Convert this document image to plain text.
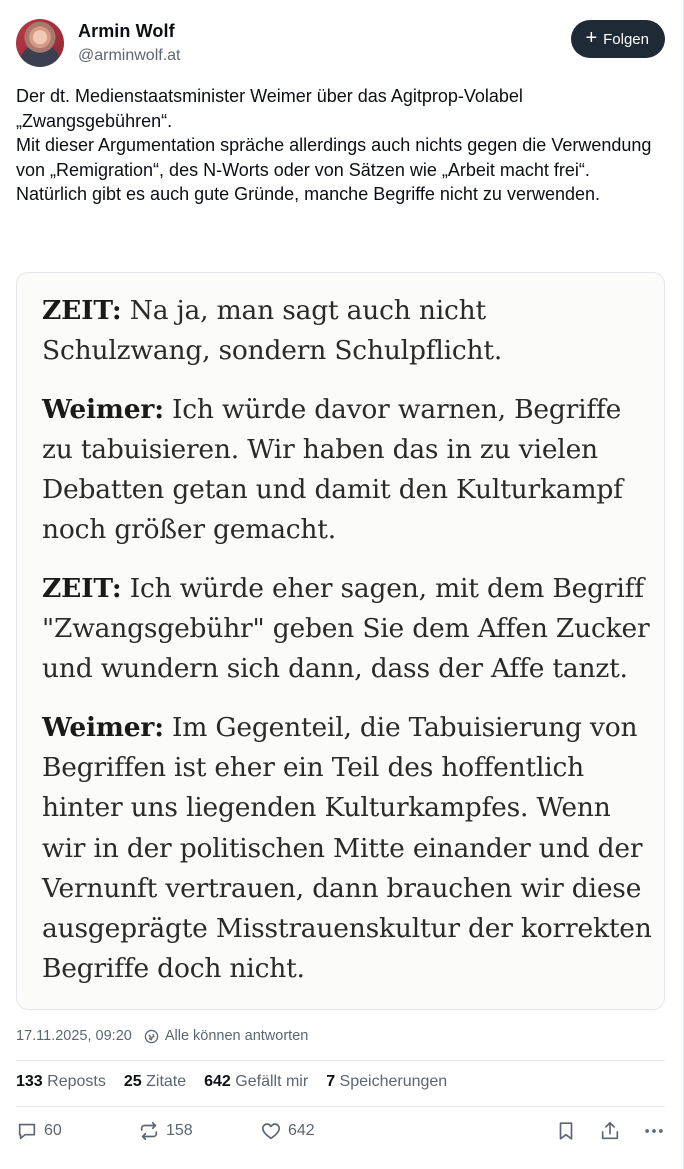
Armin Wolf
@arminwolf.at
+ Folgen

Der dt. Medienstaatsminister Weimer über das Agitprop-Volabel „Zwangsgebühren“.

Mit dieser Argumentation spräche allerdings auch nichts gegen die Verwendung von „Remigration“, des N-Worts oder von Sätzen wie „Arbeit macht frei“.

Natürlich gibt es auch gute Gründe, manche Begriffe nicht zu verwenden.

ZEIT: Na ja, man sagt auch nicht Schulzwang, sondern Schulpflicht.
Weimer: Ich würde davor warnen, Begriffe zu tabuisieren. Wir haben das in zu vielen Debatten getan und damit den Kulturkampf noch größer gemacht.
ZEIT: Ich würde eher sagen, mit dem Begriff "Zwangsgebühr" geben Sie dem Affen Zucker und wundern sich dann, dass der Affe tanzt.
Weimer: Im Gegenteil, die Tabuisierung von Begriffen ist eher ein Teil des hoffentlich hinter uns liegenden Kulturkampfes. Wenn wir in der politischen Mitte einander und der Vernunft vertrauen, dann brauchen wir diese ausgeprägte Misstrauenskultur der korrekten Begriffe doch nicht.
17.11.2025, 09:20 Alle können antworten
133 Reposts 25 Zitate 642 Gefällt mir 7 Speicherungen
60	158	642
